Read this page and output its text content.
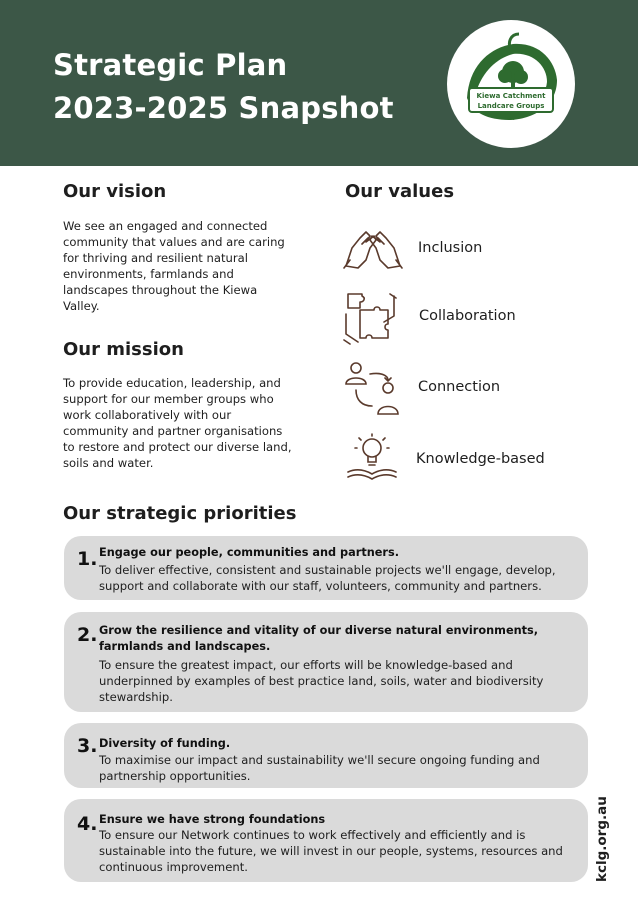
Strategic Plan
2023-2025 Snapshot	Kiewa Catchment
Landcare Groups
INC
Our vision
We see an engaged and connected
community that values and are caring
for thriving and resilient natural
environments, farmlands and
landscapes throughout the Kiewa
Valley.
Our mission
To provide education, leadership, and
support for our member groups who
work collaboratively with our
community and partner organisations
to restore and protect our diverse land,
soils and water.
Our values
Inclusion
Collaboration
Connection
Knowledge-based
Our strategic priorities
1. Engage our people, communities and partners.
To deliver effective, consistent and sustainable projects we'll engage, develop,
support and collaborate with our staff, volunteers, community and partners.
2. Grow the resilience and vitality of our diverse natural environments,
farmlands and landscapes.
To ensure the greatest impact, our efforts will be knowledge-based and
underpinned by examples of best practice land, soils, water and biodiversity
stewardship.
3. Diversity of funding.
To maximise our impact and sustainability we'll secure ongoing funding and
partnership opportunities.
4. Ensure we have strong foundations
To ensure our Network continues to work effectively and efficiently and is
sustainable into the future, we will invest in our people, systems, resources and
continuous improvement.	kclg.org.au
